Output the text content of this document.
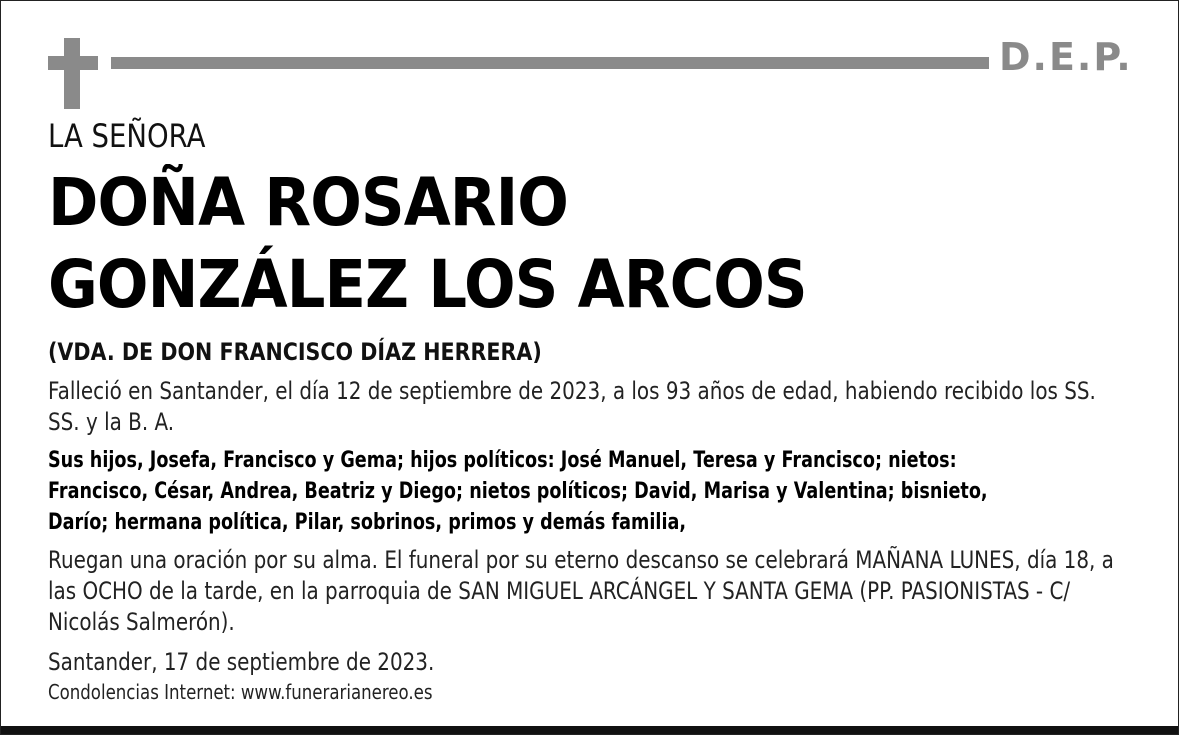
D.E.P.
LA SEÑORA
DOÑA ROSARIO
GONZÁLEZ LOS ARCOS
(VDA. DE DON FRANCISCO DÍAZ HERRERA)
Falleció en Santander, el día 12 de septiembre de 2023, a los 93 años de edad, habiendo recibido los SS. SS. y la B. A.
Sus hijos, Josefa, Francisco y Gema; hijos políticos: José Manuel, Teresa y Francisco; nietos: Francisco, César, Andrea, Beatriz y Diego; nietos políticos; David, Marisa y Valentina; bisnieto, Darío; hermana política, Pilar, sobrinos, primos y demás familia,
Ruegan una oración por su alma. El funeral por su eterno descanso se celebrará MAÑANA LUNES, día 18, a las OCHO de la tarde, en la parroquia de SAN MIGUEL ARCÁNGEL Y SANTA GEMA (PP. PASIONISTAS - C/ Nicolás Salmerón).
Santander, 17 de septiembre de 2023.
Condolencias Internet: www.funerarianereo.es
